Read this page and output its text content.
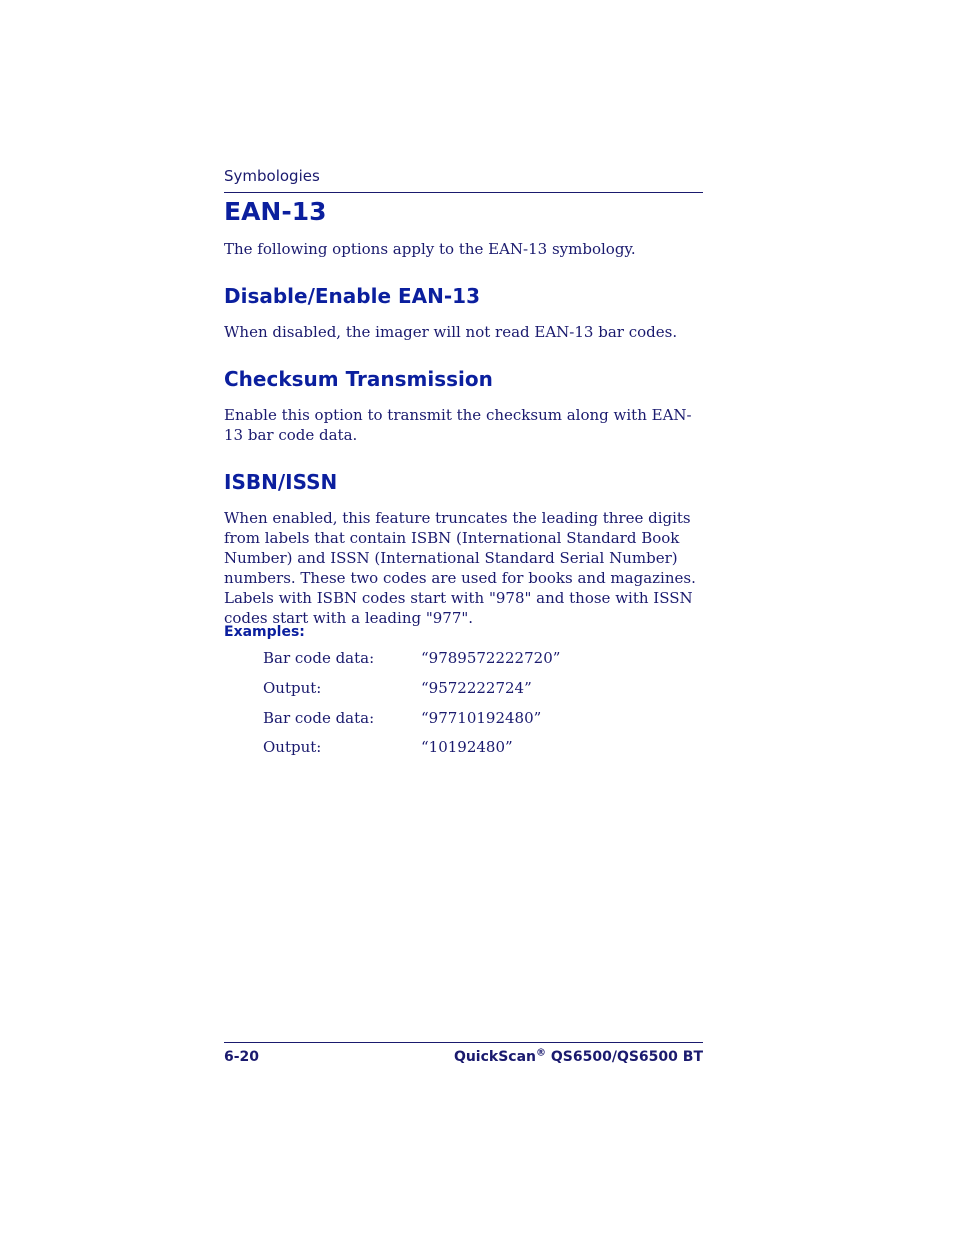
Symbologies
EAN-13

The following options apply to the EAN-13 symbology.

Disable/Enable EAN-13

When disabled, the imager will not read EAN-13 bar codes.

Checksum Transmission

Enable this option to transmit the checksum along with EAN-13 bar code data.

ISBN/ISSN

When enabled, this feature truncates the leading three digits from labels that contain ISBN (International Standard Book Number) and ISSN (International Standard Serial Number) numbers. These two codes are used for books and magazines. Labels with ISBN codes start with "978" and those with ISSN codes start with a leading "977".

Examples:
Bar code data:	“9789572222720”
Output:	“9572222724”
Bar code data:	“97710192480”
Output:	“10192480”
6-20	QuickScan® QS6500/QS6500 BT
